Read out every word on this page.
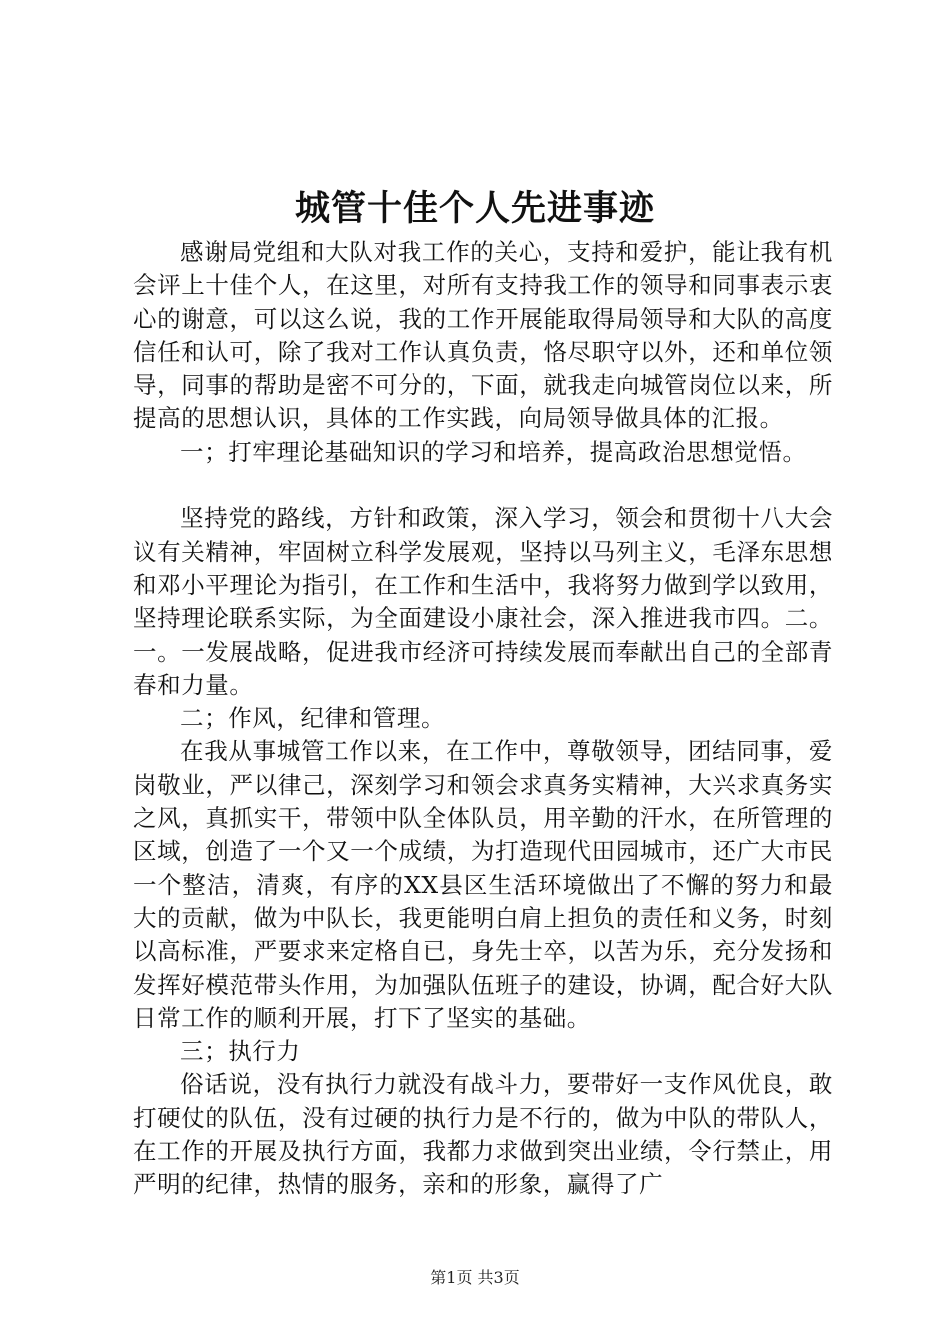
城管十佳个人先进事迹

感谢局党组和大队对我工作的关心，支持和爱护，能让我有机会评上十佳个人，在这里，对所有支持我工作的领导和同事表示衷心的谢意，可以这么说，我的工作开展能取得局领导和大队的高度信任和认可，除了我对工作认真负责，恪尽职守以外，还和单位领导，同事的帮助是密不可分的，下面，就我走向城管岗位以来，所提高的思想认识，具体的工作实践，向局领导做具体的汇报。

一；打牢理论基础知识的学习和培养，提高政治思想觉悟。

坚持党的路线，方针和政策，深入学习，领会和贯彻十八大会议有关精神，牢固树立科学发展观，坚持以马列主义，毛泽东思想和邓小平理论为指引，在工作和生活中，我将努力做到学以致用，坚持理论联系实际，为全面建设小康社会，深入推进我市四。二。一。一发展战略，促进我市经济可持续发展而奉献出自己的全部青春和力量。

二；作风，纪律和管理。

在我从事城管工作以来，在工作中，尊敬领导，团结同事，爱岗敬业，严以律己，深刻学习和领会求真务实精神，大兴求真务实之风，真抓实干，带领中队全体队员，用辛勤的汗水，在所管理的区域，创造了一个又一个成绩，为打造现代田园城市，还广大市民一个整洁，清爽，有序的XX县区生活环境做出了不懈的努力和最大的贡献，做为中队长，我更能明白肩上担负的责任和义务，时刻以高标准，严要求来定格自已，身先士卒，以苦为乐，充分发扬和发挥好模范带头作用，为加强队伍班子的建设，协调，配合好大队日常工作的顺利开展，打下了坚实的基础。

三；执行力

俗话说，没有执行力就没有战斗力，要带好一支作风优良，敢打硬仗的队伍，没有过硬的执行力是不行的，做为中队的带队人，在工作的开展及执行方面，我都力求做到突出业绩，令行禁止，用严明的纪律，热情的服务，亲和的形象，赢得了广

第1页 共3页
